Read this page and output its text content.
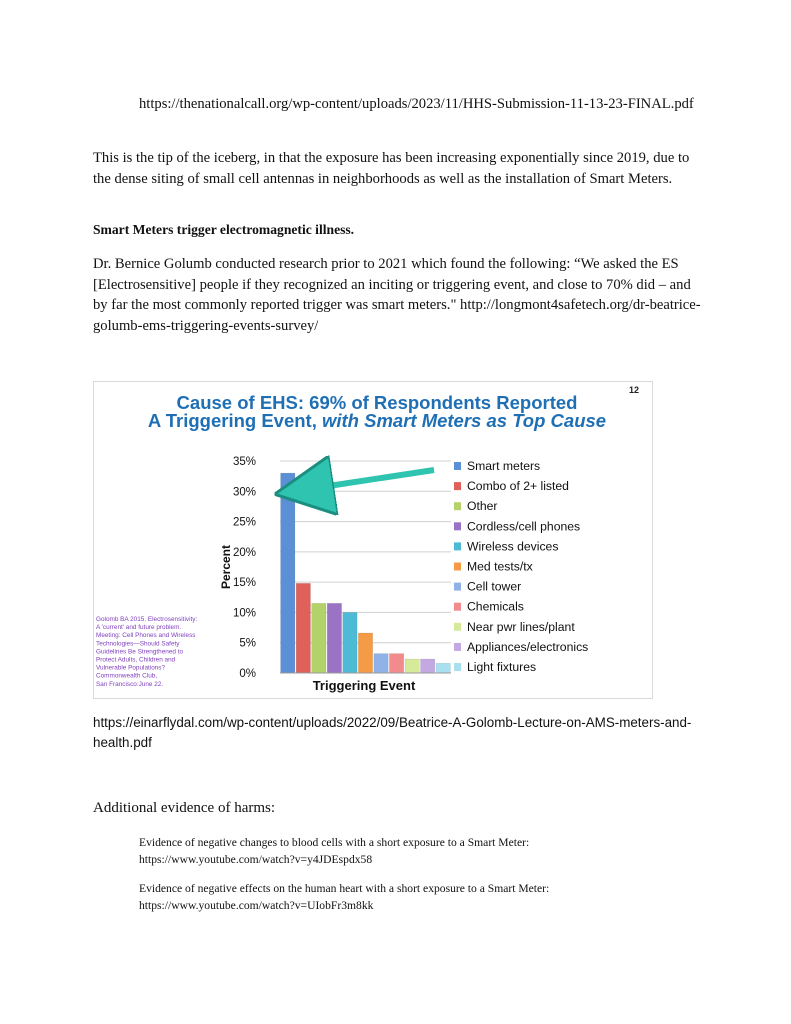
https://thenationalcall.org/wp-content/uploads/2023/11/HHS-Submission-11-13-23-FINAL.pdf
This is the tip of the iceberg, in that the exposure has been increasing exponentially since 2019, due to the dense siting of small cell antennas in neighborhoods as well as the installation of Smart Meters.
Smart Meters trigger electromagnetic illness.
Dr. Bernice Golumb conducted research prior to 2021 which found the following: “We asked the ES [Electrosensitive] people if they recognized an inciting or triggering event, and close to 70% did – and by far the most commonly reported trigger was smart meters." http://longmont4safetech.org/dr-beatrice-golumb-ems-triggering-events-survey/
12
Cause of EHS: 69% of Respondents Reported
A Triggering Event, with Smart Meters as Top Cause
0%
5%
10%
15%
20%
25%
30%
35%
Percent
Triggering Event
Smart meters
Combo of 2+ listed
Other
Cordless/cell phones
Wireless devices
Med tests/tx
Cell tower
Chemicals
Near pwr lines/plant
Appliances/electronics
Light fixtures
Golomb BA 2015. Electrosensitivity:
A 'current' and future problem.
Meeting: Cell Phones and Wireless
Technologies—Should Safety
Guidelines Be Strengthened to
Protect Adults, Children and
Vulnerable Populations?
Commonwealth Club,
San Francisco:June 22.
https://einarflydal.com/wp-content/uploads/2022/09/Beatrice-A-Golomb-Lecture-on-AMS-meters-and-health.pdf
Additional evidence of harms:
Evidence of negative changes to blood cells with a short exposure to a Smart Meter:
https://www.youtube.com/watch?v=y4JDEspdx58
Evidence of negative effects on the human heart with a short exposure to a Smart Meter:
https://www.youtube.com/watch?v=UIobFr3m8kk
